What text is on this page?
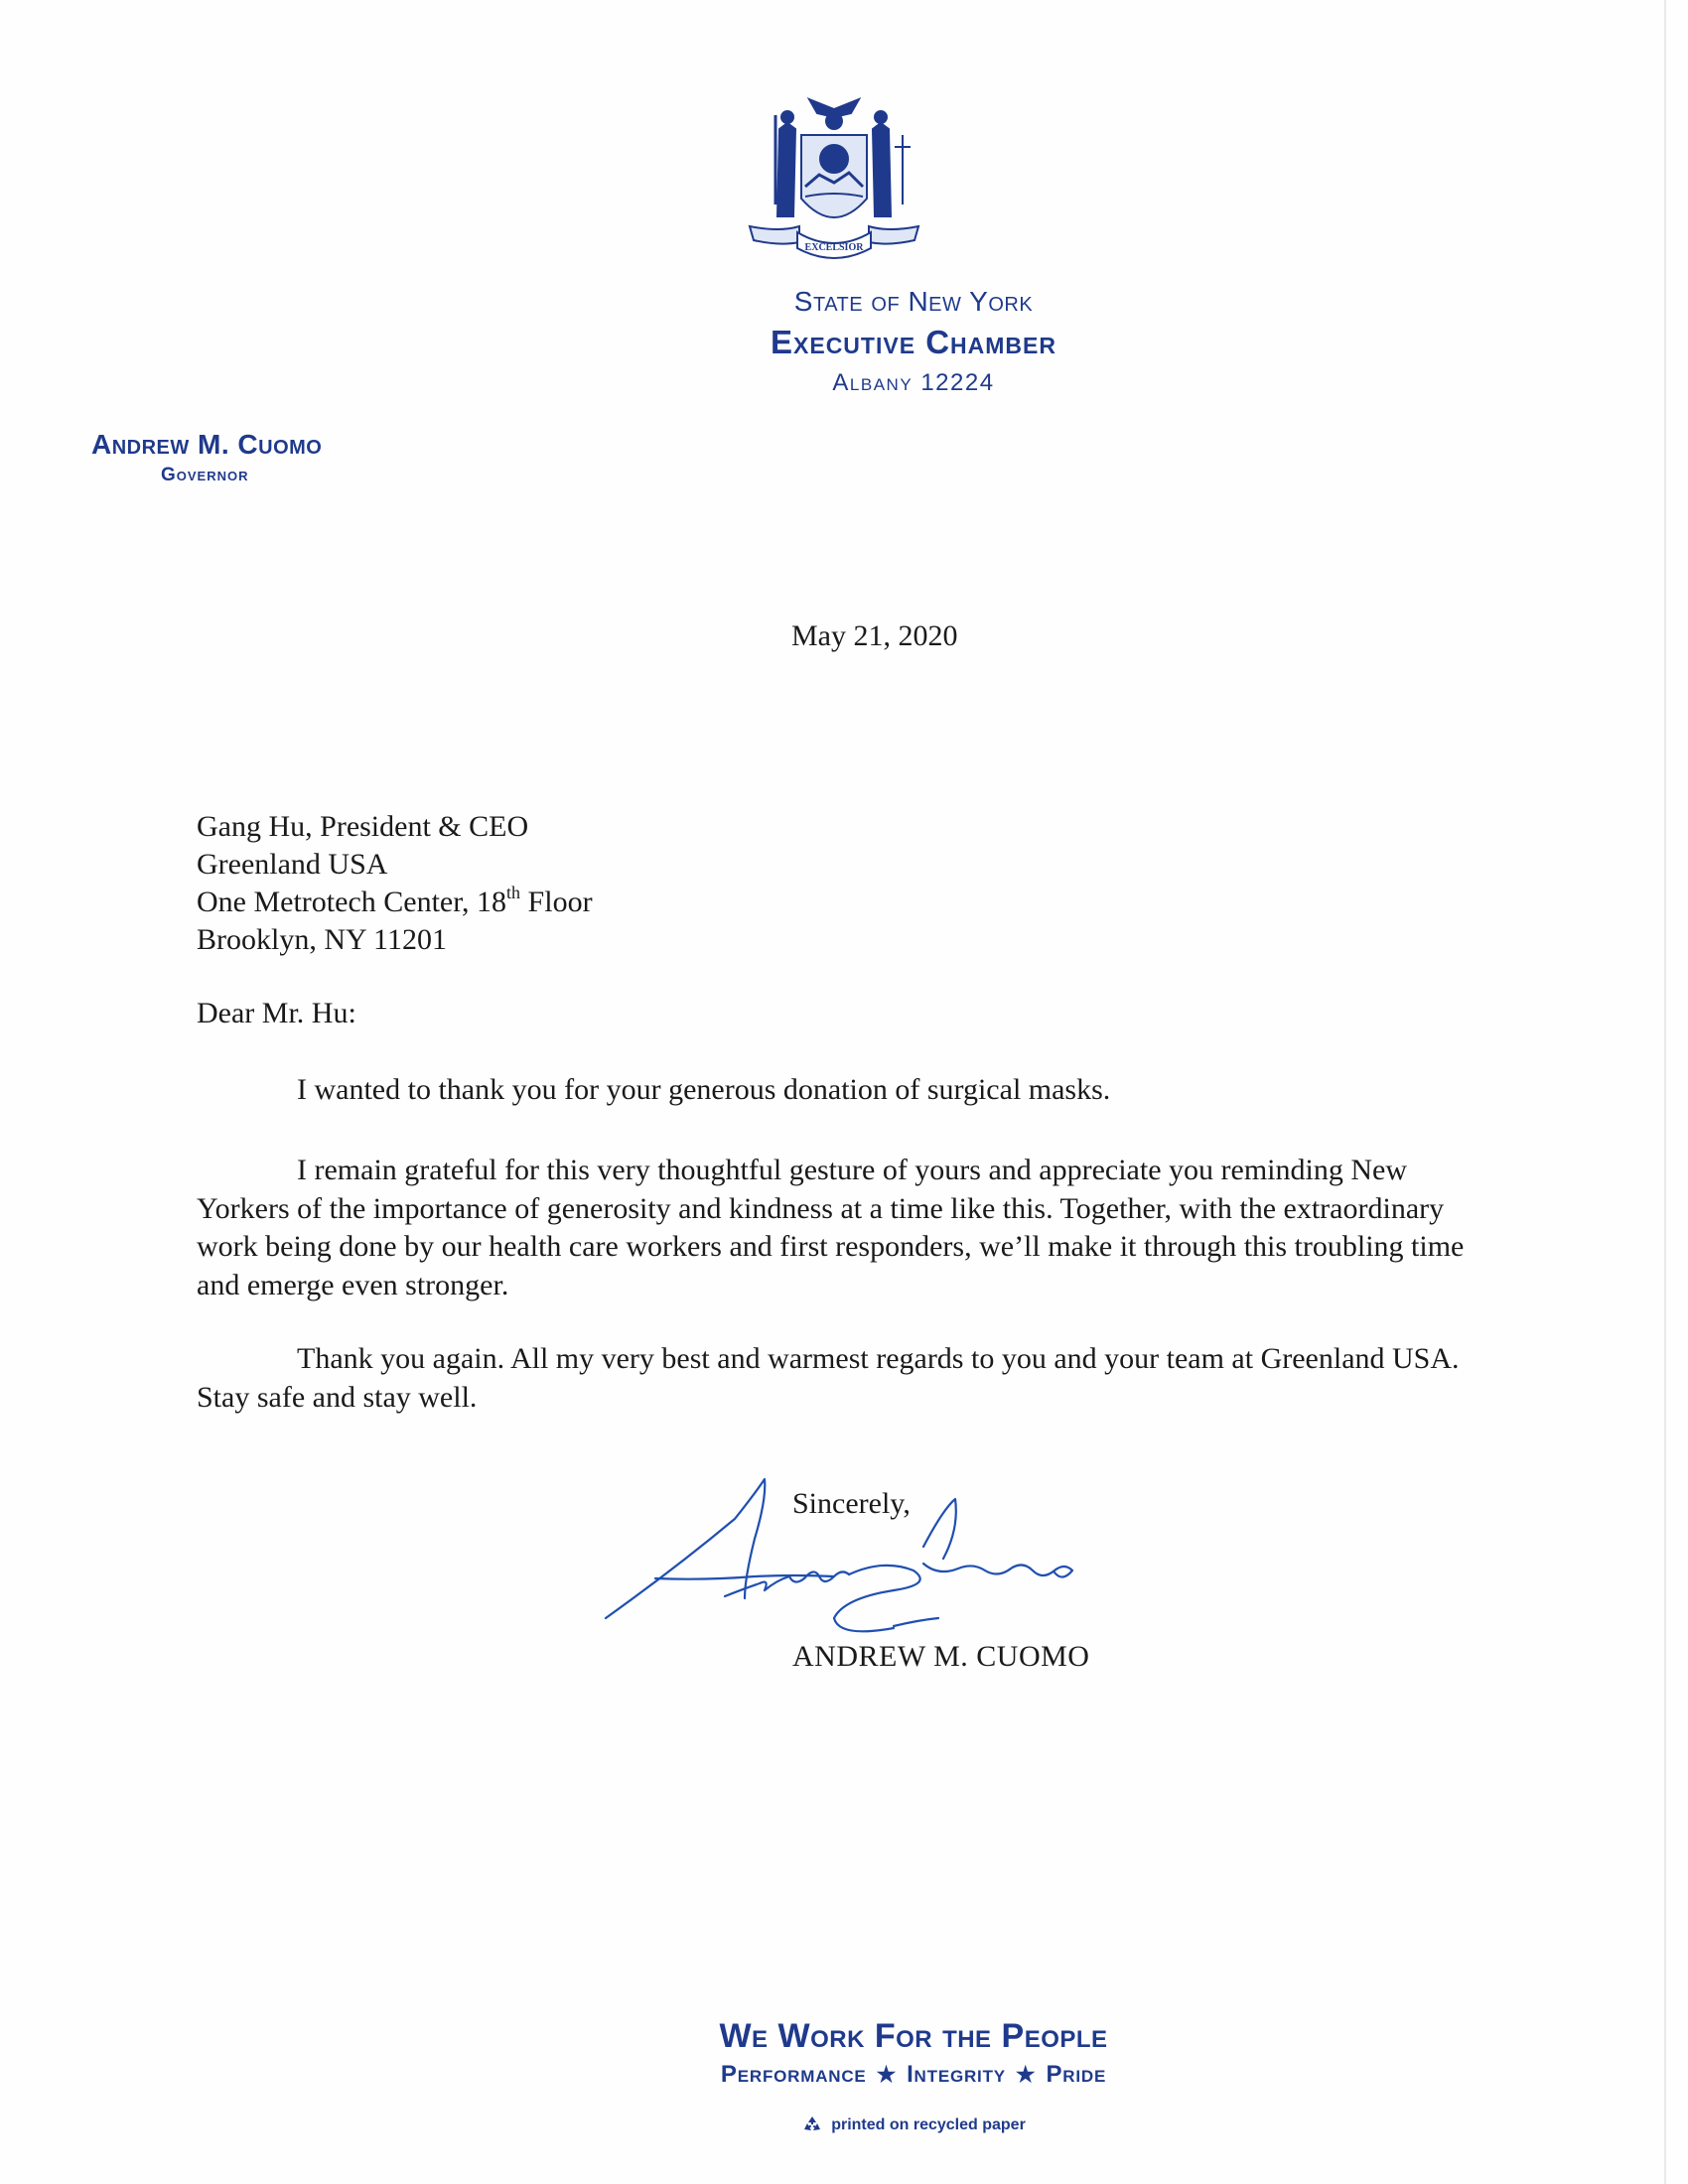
EXCELSIOR
State of New York
Executive Chamber
Albany 12224
Andrew M. Cuomo
Governor
May 21, 2020
Gang Hu, President & CEO
Greenland USA
One Metrotech Center, 18th Floor
Brooklyn, NY 11201
Dear Mr. Hu:

I wanted to thank you for your generous donation of surgical masks.

I remain grateful for this very thoughtful gesture of yours and appreciate you reminding New Yorkers of the importance of generosity and kindness at a time like this. Together, with the extraordinary work being done by our health care workers and first responders, we’ll make it through this troubling time and emerge even stronger.

Thank you again. All my very best and warmest regards to you and your team at Greenland USA. Stay safe and stay well.

Sincerely,
ANDREW M. CUOMO
We Work For the People
Performance ★ Integrity ★ Pride
printed on recycled paper
